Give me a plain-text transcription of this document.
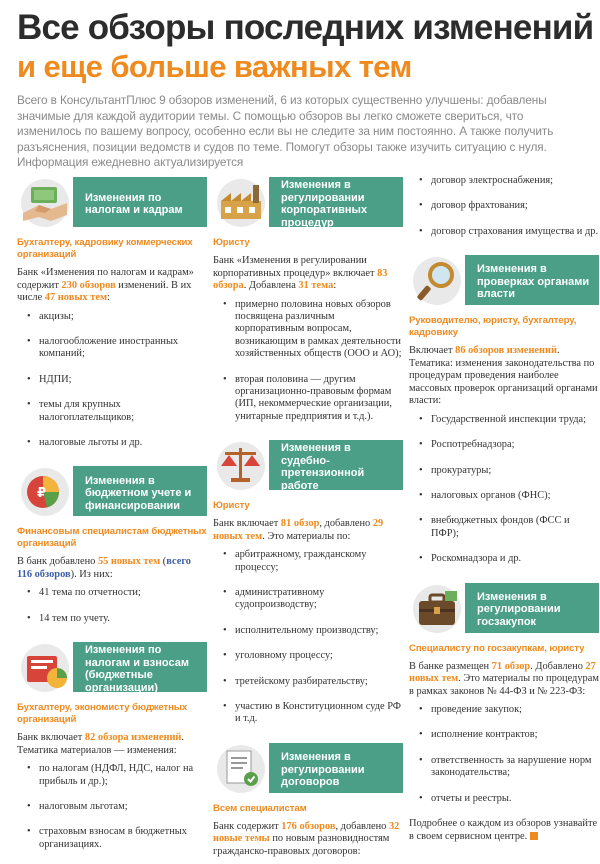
Все обзоры последних изменений
и еще больше важных тем
Всего в КонсультантПлюс 9 обзоров изменений, 6 из которых существенно улучшены: добавлены значимые для каждой аудитории темы. С помощью обзоров вы легко сможете свериться, что изменилось по вашему вопросу, особенно если вы не следите за ним постоянно. А также получить разъяснения, позиции ведомств и судов по теме. Помогут обзоры также изучить ситуацию с нуля. Информация ежедневно актуализируется
Изменения по налогам и кадрам
Бухгалтеру, кадровику коммерческих организаций
Банк «Изменения по налогам и кадрам» содержит 230 обзоров изменений. В их числе 47 новых тем:
• акцизы;
• налогообложение иностранных компаний;
• НДПИ;
• темы для крупных налогоплательщиков;
• налоговые льготы и др.
₽
Изменения в бюджетном учете и финансировании
Финансовым специалистам бюджетных организаций
В банк добавлено 55 новых тем (всего 116 обзоров). Из них:
• 41 тема по отчетности;
• 14 тем по учету.
Изменения по налогам и взносам (бюджетные организации)
Бухгалтеру, экономисту бюджетных организаций
Банк включает 82 обзора изменений. Тематика материалов — изменения:
• по налогам (НДФЛ, НДС, налог на прибыль и др.);
• налоговым льготам;
• страховым взносам в бюджетных организациях.
Изменения в регулировании корпоративных процедур
Юристу
Банк «Изменения в регулировании корпоративных процедур» включает 83 обзора. Добавлена 31 тема:
• примерно половина новых обзоров посвящена различным корпоративным вопросам, возникающим в рамках деятельности хозяйственных обществ (ООО и АО);
• вторая половина — другим организационно-правовым формам (ИП, некоммерческие организации, унитарные предприятия и т.д.).
Изменения в судебно-претензионной работе
Юристу
Банк включает 81 обзор, добавлено 29 новых тем. Это материалы по:
• арбитражному, гражданскому процессу;
• административному судопроизводству;
• исполнительному производству;
• уголовному процессу;
• третейскому разбирательству;
• участию в Конституционном суде РФ и т.д.
Изменения в регулировании договоров
Всем специалистам
Банк содержит 176 обзоров, добавлено 32 новые темы по новым разновидностям гражданско-правовых договоров:
• договор электроснабжения;
• договор фрахтования;
• договор страхования имущества и др.
Изменения в проверках органами власти
Руководителю, юристу, бухгалтеру, кадровику
Включает 86 обзоров изменений. Тематика: изменения законодательства по процедурам проведения наиболее массовых проверок организаций органами власти:
• Государственной инспекции труда;
• Роспотребнадзора;
• прокуратуры;
• налоговых органов (ФНС);
• внебюджетных фондов (ФСС и ПФР);
• Роскомнадзора и др.
Изменения в регулировании госзакупок
Специалисту по госзакупкам, юристу
В банке размещен 71 обзор. Добавлено 27 новых тем. Это материалы по процедурам в рамках законов № 44-ФЗ и № 223-ФЗ:
• проведение закупок;
• исполнение контрактов;
• ответственность за нарушение норм законодательства;
• отчеты и реестры.
Подробнее о каждом из обзоров узнавайте в своем сервисном центре.
